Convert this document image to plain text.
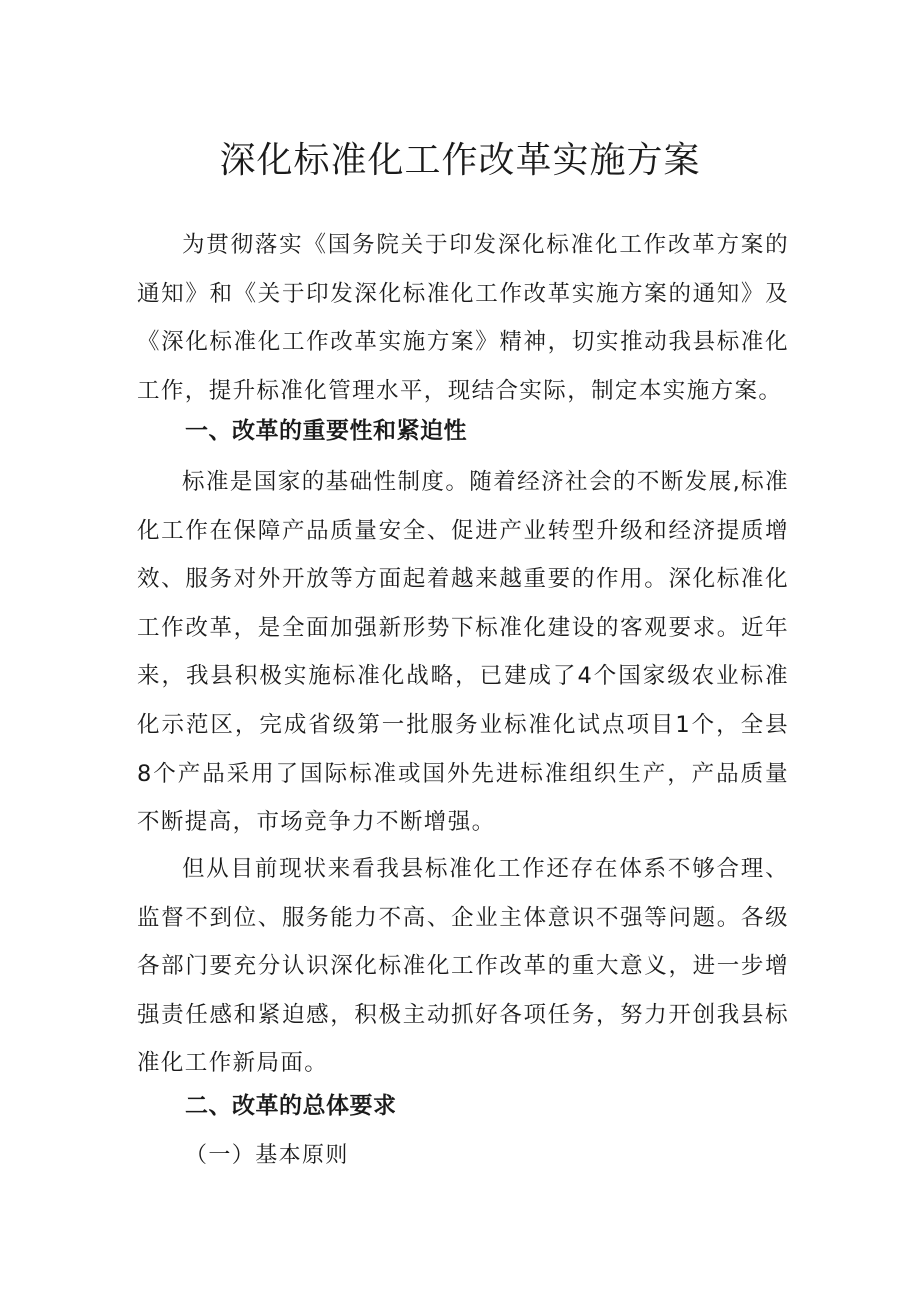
深化标准化工作改革实施方案

为贯彻落实《国务院关于印发深化标准化工作改革方案的通知》和《关于印发深化标准化工作改革实施方案的通知》及《深化标准化工作改革实施方案》精神，切实推动我县标准化工作，提升标准化管理水平，现结合实际，制定本实施方案。

一、改革的重要性和紧迫性

标准是国家的基础性制度。随着经济社会的不断发展,标准化工作在保障产品质量安全、促进产业转型升级和经济提质增效、服务对外开放等方面起着越来越重要的作用。深化标准化工作改革，是全面加强新形势下标准化建设的客观要求。近年来，我县积极实施标准化战略，已建成了4个国家级农业标准化示范区，完成省级第一批服务业标准化试点项目1个，全县8个产品采用了国际标准或国外先进标准组织生产，产品质量不断提高，市场竞争力不断增强。

但从目前现状来看我县标准化工作还存在体系不够合理、监督不到位、服务能力不高、企业主体意识不强等问题。各级各部门要充分认识深化标准化工作改革的重大意义，进一步增强责任感和紧迫感，积极主动抓好各项任务，努力开创我县标准化工作新局面。

二、改革的总体要求

（一）基本原则
